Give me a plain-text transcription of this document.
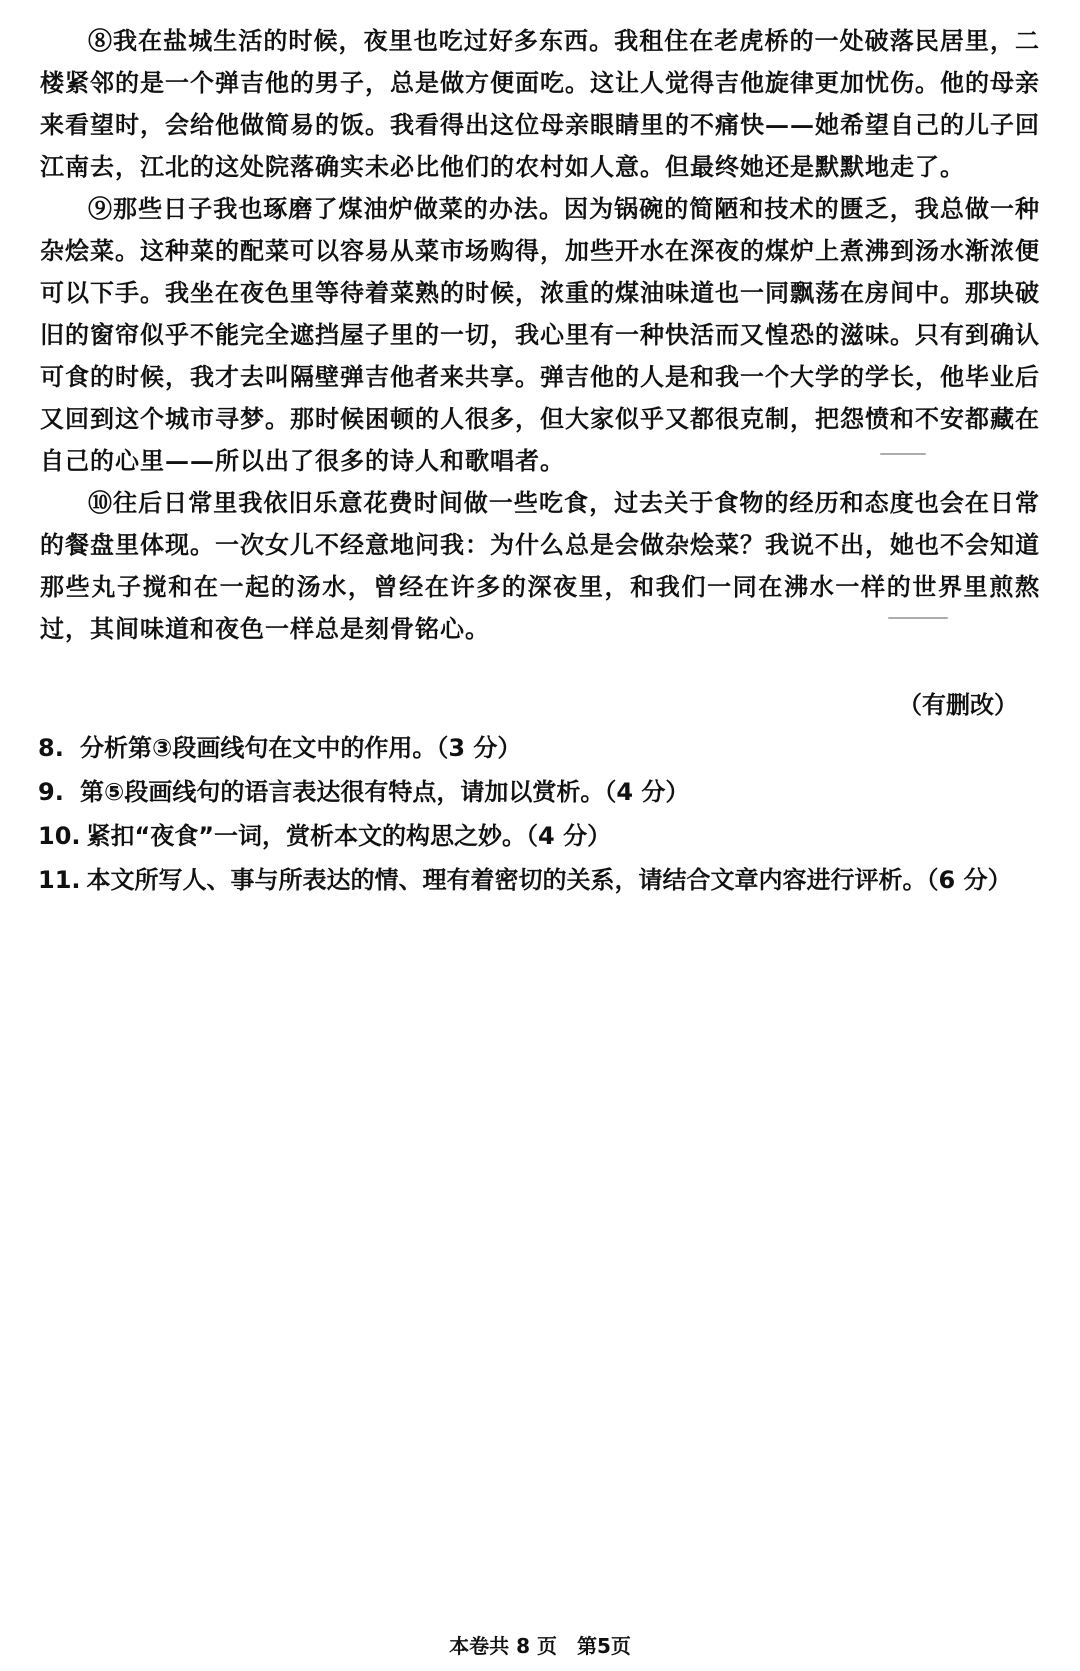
⑧我在盐城生活的时候，夜里也吃过好多东西。我租住在老虎桥的一处破落民居里，二楼紧邻的是一个弹吉他的男子，总是做方便面吃。这让人觉得吉他旋律更加忧伤。他的母亲来看望时，会给他做简易的饭。我看得出这位母亲眼睛里的不痛快——她希望自己的儿子回江南去，江北的这处院落确实未必比他们的农村如人意。但最终她还是默默地走了。

⑨那些日子我也琢磨了煤油炉做菜的办法。因为锅碗的简陋和技术的匮乏，我总做一种杂烩菜。这种菜的配菜可以容易从菜市场购得，加些开水在深夜的煤炉上煮沸到汤水渐浓便可以下手。我坐在夜色里等待着菜熟的时候，浓重的煤油味道也一同飘荡在房间中。那块破旧的窗帘似乎不能完全遮挡屋子里的一切，我心里有一种快活而又惶恐的滋味。只有到确认可食的时候，我才去叫隔壁弹吉他者来共享。弹吉他的人是和我一个大学的学长，他毕业后又回到这个城市寻梦。那时候困顿的人很多，但大家似乎又都很克制，把怨愤和不安都藏在自己的心里——所以出了很多的诗人和歌唱者。

⑩往后日常里我依旧乐意花费时间做一些吃食，过去关于食物的经历和态度也会在日常的餐盘里体现。一次女儿不经意地问我：为什么总是会做杂烩菜？我说不出，她也不会知道那些丸子搅和在一起的汤水，曾经在许多的深夜里，和我们一同在沸水一样的世界里煎熬过，其间味道和夜色一样总是刻骨铭心。

（有删改）
8. 分析第③段画线句在文中的作用。（3 分）
9. 第⑤段画线句的语言表达很有特点，请加以赏析。（4 分）
10. 紧扣“夜食”一词，赏析本文的构思之妙。（4 分）
11. 本文所写人、事与所表达的情、理有着密切的关系，请结合文章内容进行评析。（6 分）
本卷共 8 页　第5页
